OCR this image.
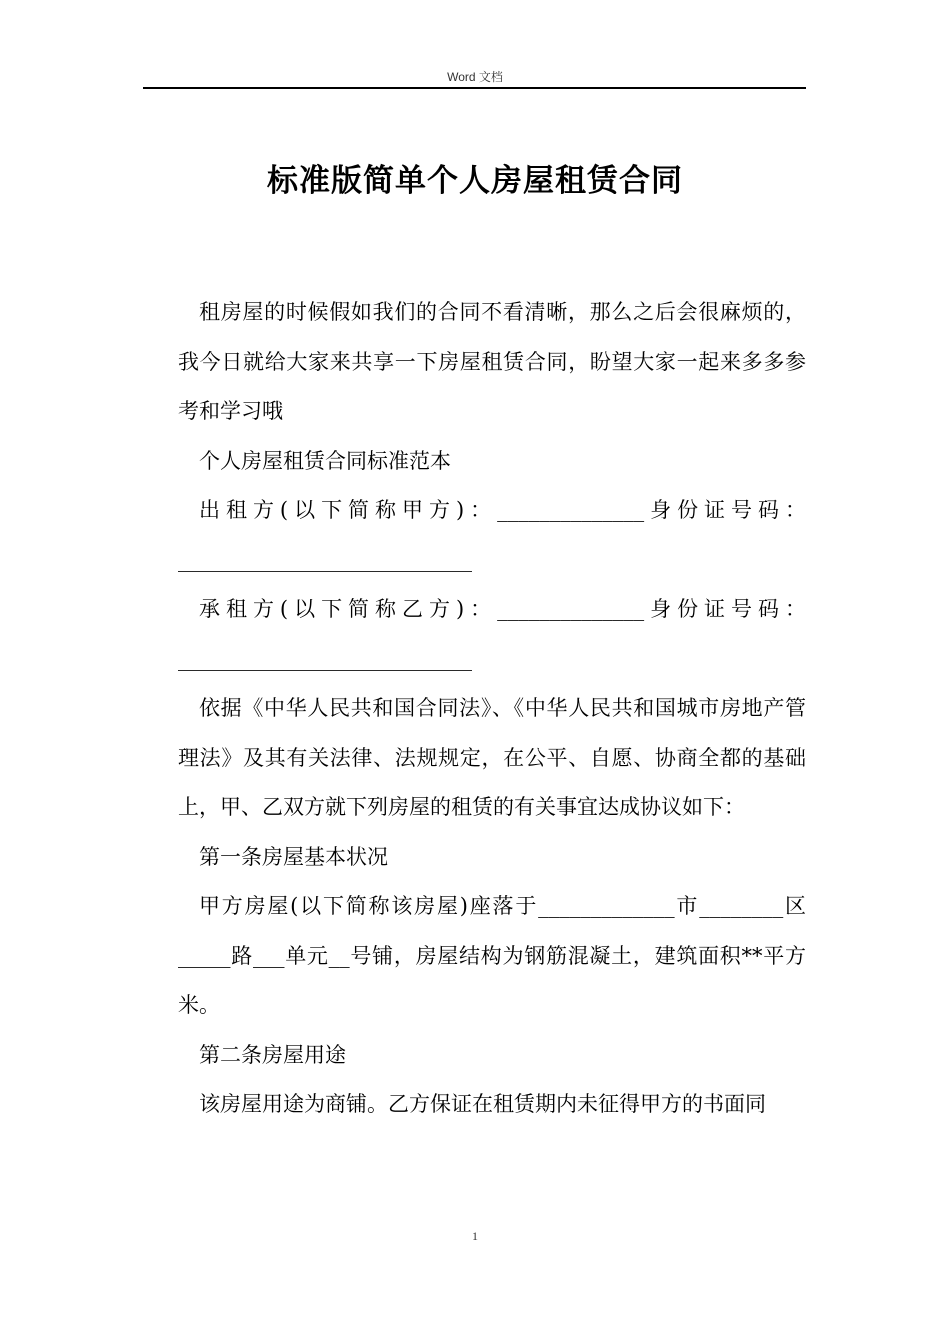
Word 文档
标准版简单个人房屋租赁合同

租房屋的时候假如我们的合同不看清晰，那么之后会很麻烦的，我今日就给大家来共享一下房屋租赁合同，盼望大家一起来多多参考和学习哦

个人房屋租赁合同标准范本

出租方(以下简称甲方)：______________身份证号码：____________________________

承租方(以下简称乙方)：______________身份证号码：____________________________

依据《中华人民共和国合同法》、《中华人民共和国城市房地产管理法》及其有关法律、法规规定，在公平、自愿、协商全都的基础上，甲、乙双方就下列房屋的租赁的有关事宜达成协议如下：

第一条房屋基本状况

甲方房屋(以下简称该房屋)座落于_____________市________区_____路___单元__号铺，房屋结构为钢筋混凝土，建筑面积**平方米。

第二条房屋用途

该房屋用途为商铺。乙方保证在租赁期内未征得甲方的书面同

1
